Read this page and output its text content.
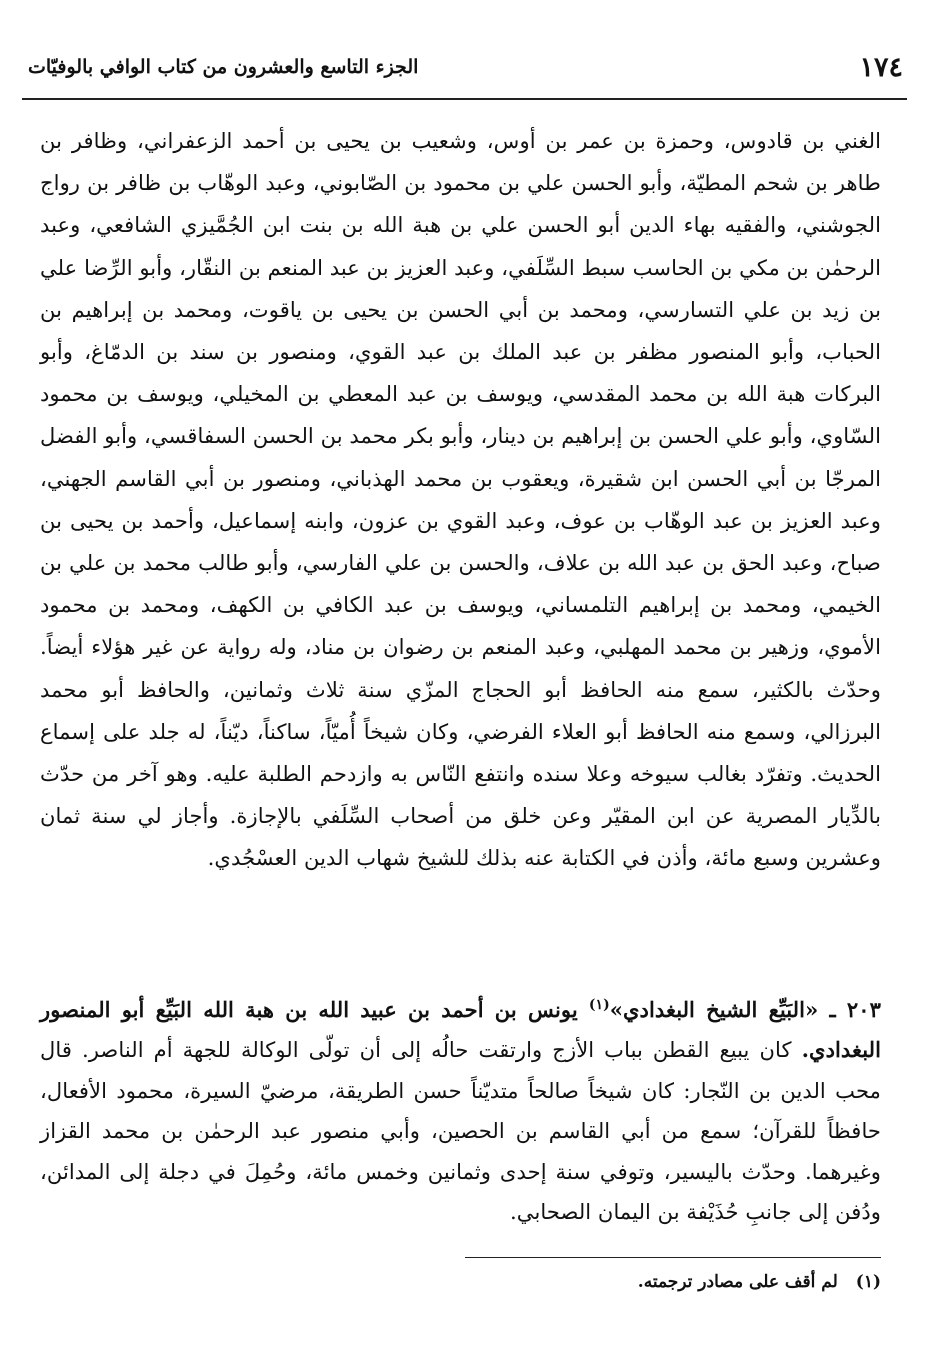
١٧٤
الجزء التاسع والعشرون من كتاب الوافي بالوفيّات

الغني بن قادوس، وحمزة بن عمر بن أوس، وشعيب بن يحيى بن أحمد الزعفراني، وظافر بن طاهر بن شحم المطيّة، وأبو الحسن علي بن محمود بن الصّابوني، وعبد الوهّاب بن ظافر بن رواج الجوشني، والفقيه بهاء الدين أبو الحسن علي بن هبة الله بن بنت ابن الجُمَّيزي الشافعي، وعبد الرحمٰن بن مكي بن الحاسب سبط السِّلَفي، وعبد العزيز بن عبد المنعم بن النقّار، وأبو الرِّضا علي بن زيد بن علي التسارسي، ومحمد بن أبي الحسن بن يحيى بن ياقوت، ومحمد بن إبراهيم بن الحباب، وأبو المنصور مظفر بن عبد الملك بن عبد القوي، ومنصور بن سند بن الدمّاغ، وأبو البركات هبة الله بن محمد المقدسي، ويوسف بن عبد المعطي بن المخيلي، ويوسف بن محمود السّاوي، وأبو علي الحسن بن إبراهيم بن دينار، وأبو بكر محمد بن الحسن السفاقسي، وأبو الفضل المرجّا بن أبي الحسن ابن شقيرة، ويعقوب بن محمد الهذباني، ومنصور بن أبي القاسم الجهني، وعبد العزيز بن عبد الوهّاب بن عوف، وعبد القوي بن عزون، وابنه إسماعيل، وأحمد بن يحيى بن صباح، وعبد الحق بن عبد الله بن علاف، والحسن بن علي الفارسي، وأبو طالب محمد بن علي بن الخيمي، ومحمد بن إبراهيم التلمساني، ويوسف بن عبد الكافي بن الكهف، ومحمد بن محمود الأموي، وزهير بن محمد المهلبي، وعبد المنعم بن رضوان بن مناد، وله رواية عن غير هؤلاء أيضاً. وحدّث بالكثير، سمع منه الحافظ أبو الحجاج المزّي سنة ثلاث وثمانين، والحافظ أبو محمد البرزالي، وسمع منه الحافظ أبو العلاء الفرضي، وكان شيخاً أُميّاً، ساكناً، ديّناً، له جلد على إسماع الحديث. وتفرّد بغالب سيوخه وعلا سنده وانتفع النّاس به وازدحم الطلبة عليه. وهو آخر من حدّث بالدِّيار المصرية عن ابن المقيّر وعن خلق من أصحاب السِّلَفي بالإجازة. وأجاز لي سنة ثمان وعشرين وسبع مائة، وأذن في الكتابة عنه بذلك للشيخ شهاب الدين العسْجُدي.

٢٠٣ ـ «البَيِّع الشيخ البغدادي»$^{(١)}$ يونس بن أحمد بن عبيد الله بن هبة الله البَيِّع أبو المنصور البغدادي. كان يبيع القطن بباب الأزج وارتقت حالُه إلى أن تولّى الوكالة للجهة أم الناصر. قال محب الدين بن النّجار: كان شيخاً صالحاً متديّناً حسن الطريقة، مرضيّ السيرة، محمود الأفعال، حافظاً للقرآن؛ سمع من أبي القاسم بن الحصين، وأبي منصور عبد الرحمٰن بن محمد القزاز وغيرهما. وحدّث باليسير، وتوفي سنة إحدى وثمانين وخمس مائة، وحُمِلَ في دجلة إلى المدائن، ودُفن إلى جانبِ حُذَيْفة بن اليمان الصحابي.

(١)لم أقف على مصادر ترجمته.
